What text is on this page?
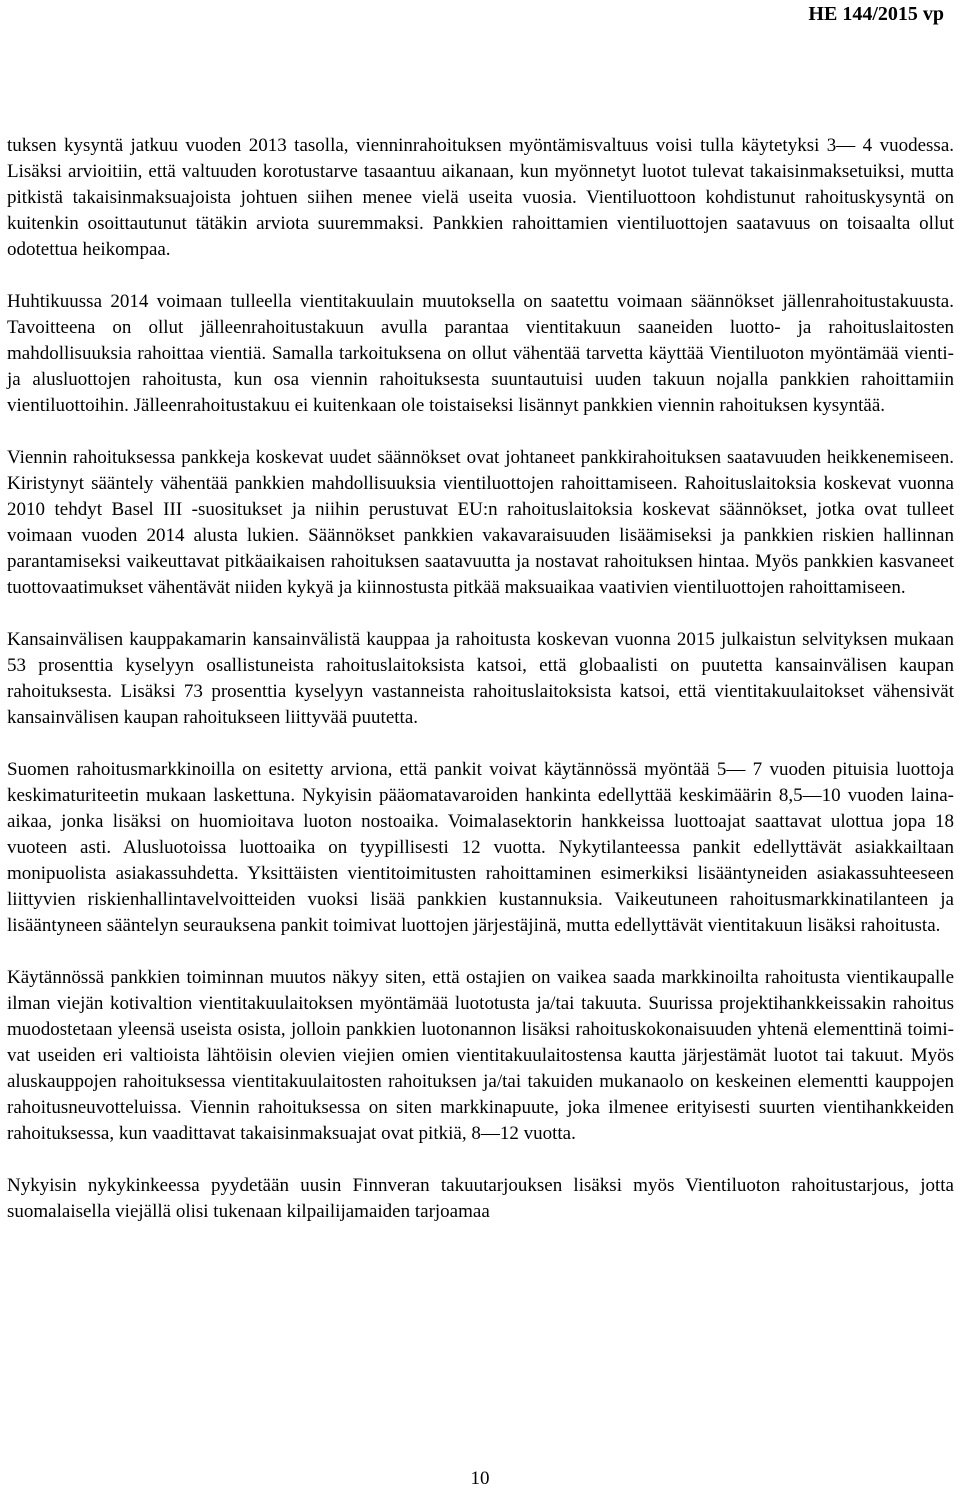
HE 144/2015 vp

tuksen kysyntä jatkuu vuoden 2013 tasolla, vienninrahoituksen myöntämisvaltuus voisi tulla käytetyksi 3— 4 vuodessa. Lisäksi arvioitiin, että valtuuden korotustarve tasaantuu aikanaan, kun myönnetyt luotot tulevat takaisinmaksetuiksi, mutta pitkistä takaisinmaksuajoista johtuen siihen menee vielä useita vuosia. Vientiluottoon kohdistunut rahoituskysyntä on kuitenkin osoittautunut tätäkin arviota suuremmaksi. Pankkien rahoittamien vientiluottojen saatavuus on toisaalta ollut odotettua heikompaa.

Huhtikuussa 2014 voimaan tulleella vientitakuulain muutoksella on saatettu voimaan säännökset jällenrahoitustakuusta. Tavoitteena on ollut jälleenrahoitustakuun avulla parantaa vientitakuun saaneiden luotto- ja rahoituslaitosten mahdollisuuksia rahoittaa vientiä. Samalla tarkoituksena on ollut vähentää tarvetta käyttää Vientiluoton myöntämää vienti- ja alusluottojen rahoitusta, kun osa viennin rahoituksesta suuntautuisi uuden takuun nojalla pankkien rahoittamiin vientiluottoihin. Jälleenrahoitustakuu ei kuitenkaan ole toistaiseksi lisännyt pankkien viennin rahoituksen kysyntää.

Viennin rahoituksessa pankkeja koskevat uudet säännökset ovat johtaneet pankkirahoituksen saatavuuden heikkenemiseen. Kiristynyt sääntely vähentää pankkien mahdollisuuksia vientiluottojen rahoittamiseen. Rahoituslaitoksia koskevat vuonna 2010 tehdyt Basel III -suositukset ja niihin perustuvat EU:n rahoituslaitoksia koskevat säännökset, jotka ovat tulleet voimaan vuoden 2014 alusta lukien. Säännökset pankkien vakavaraisuuden lisäämiseksi ja pankkien riskien hallinnan parantamiseksi vaikeuttavat pitkäaikaisen rahoituksen saatavuutta ja nostavat rahoituksen hintaa. Myös pankkien kasvaneet tuottovaatimukset vähentävät niiden kykyä ja kiinnostusta pitkää maksuaikaa vaativien vientiluottojen rahoittamiseen.

Kansainvälisen kauppakamarin kansainvälistä kauppaa ja rahoitusta koskevan vuonna 2015 julkaistun selvityksen mukaan 53 prosenttia kyselyyn osallistuneista rahoituslaitoksista katsoi, että globaalisti on puutetta kansainvälisen kaupan rahoituksesta. Lisäksi 73 prosenttia kyselyyn vastanneista rahoituslaitoksista katsoi, että vientitakuulaitokset vähensivät kansainvälisen kaupan rahoitukseen liittyvää puutetta.

Suomen rahoitusmarkkinoilla on esitetty arviona, että pankit voivat käytännössä myöntää 5— 7 vuoden pituisia luottoja keskimaturiteetin mukaan laskettuna. Nykyisin pääomatavaroiden hankinta edellyttää keskimäärin 8,5—10 vuoden laina-aikaa, jonka lisäksi on huomioitava luoton nostoaika. Voimalasektorin hankkeissa luottoajat saattavat ulottua jopa 18 vuoteen asti. Alusluotoissa luottoaika on tyypillisesti 12 vuotta. Nykytilanteessa pankit edellyttävät asiakkailtaan monipuolista asiakassuhdetta. Yksittäisten vientitoimitusten rahoittaminen esimerkiksi lisääntyneiden asiakassuhteeseen liittyvien riskienhallintavelvoitteiden vuoksi lisää pankkien kustannuksia. Vaikeutuneen rahoitusmarkkinatilanteen ja lisääntyneen sääntelyn seurauksena pankit toimivat luottojen järjestäjinä, mutta edellyttävät vientitakuun lisäksi rahoitusta.

Käytännössä pankkien toiminnan muutos näkyy siten, että ostajien on vaikea saada markkinoilta rahoitusta vientikaupalle ilman viejän kotivaltion vientitakuulaitoksen myöntämää luototusta ja/tai takuuta. Suurissa projektihankkeissakin rahoitus muodostetaan yleensä useista osista, jolloin pankkien luotonannon lisäksi rahoituskokonaisuuden yhtenä elementtinä toimivat useiden eri valtioista lähtöisin olevien viejien omien vientitakuulaitostensa kautta järjestämät luotot tai takuut. Myös aluskauppojen rahoituksessa vientitakuulaitosten rahoituksen ja/tai takuiden mukanaolo on keskeinen elementti kauppojen rahoitusneuvotteluissa. Viennin rahoituksessa on siten markkinapuute, joka ilmenee erityisesti suurten vientihankkeiden rahoituksessa, kun vaadittavat takaisinmaksuajat ovat pitkiä, 8—12 vuotta.

Nykyisin nykykinkeessa pyydetään uusin Finnveran takuutarjouksen lisäksi myös Vientiluoton rahoitustarjous, jotta suomalaisella viejällä olisi tukenaan kilpailijamaiden tarjoamaa

10
